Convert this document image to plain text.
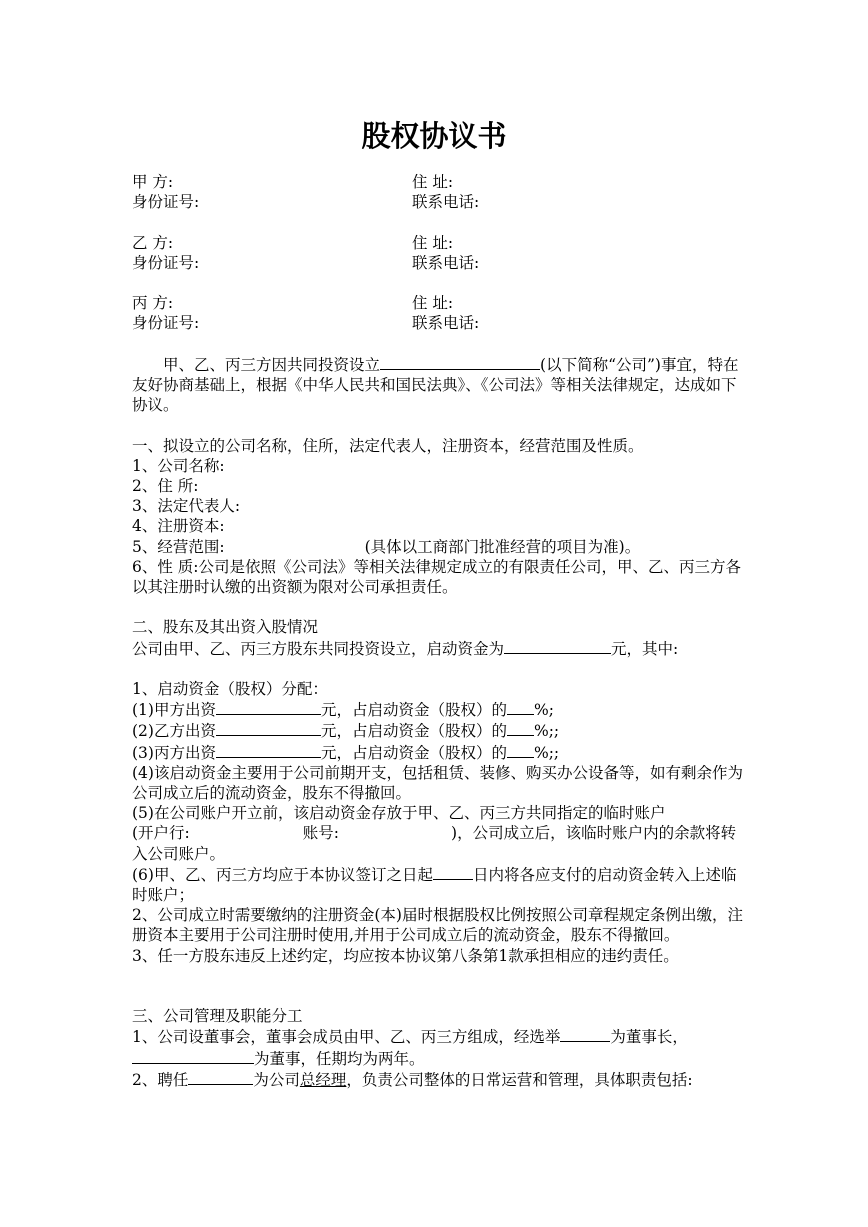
股权协议书
甲 方:	住 址:
身份证号:	联系电话:
乙 方:	住 址:
身份证号:	联系电话:
丙 方:	住 址:
身份证号:	联系电话:

甲、乙、丙三方因共同投资设立	(以下简称“公司”)事宜，特在友好协商基础上，根据《中华人民共和国民法典》、《公司法》等相关法律规定，达成如下协议。

一、拟设立的公司名称，住所，法定代表人，注册资本，经营范围及性质。

1、公司名称:

2、住 所:

3、法定代表人:

4、注册资本:

5、经营范围:	(具体以工商部门批准经营的项目为准)。

6、性 质:公司是依照《公司法》等相关法律规定成立的有限责任公司，甲、乙、丙三方各以其注册时认缴的出资额为限对公司承担责任。

二、股东及其出资入股情况

公司由甲、乙、丙三方股东共同投资设立，启动资金为	元，其中:

1、启动资金（股权）分配：

(1)甲方出资	元，占启动资金（股权）的 %;

(2)乙方出资	元，占启动资金（股权）的 %;;

(3)丙方出资	元，占启动资金（股权）的 %;;

(4)该启动资金主要用于公司前期开支，包括租赁、装修、购买办公设备等，如有剩余作为公司成立后的流动资金，股东不得撤回。

(5)在公司账户开立前，该启动资金存放于甲、乙、丙三方共同指定的临时账户
(开户行:	账号:	)，公司成立后，该临时账户内的余款将转入公司账户。

(6)甲、乙、丙三方均应于本协议签订之日起	日内将各应支付的启动资金转入上述临时账户；

2、公司成立时需要缴纳的注册资金(本)届时根据股权比例按照公司章程规定条例出缴，注册资本主要用于公司注册时使用,并用于公司成立后的流动资金，股东不得撤回。

3、任一方股东违反上述约定，均应按本协议第八条第1款承担相应的违约责任。

三、公司管理及职能分工

1、公司设董事会，董事会成员由甲、乙、丙三方组成，经选举	为董事长，
为董事，任期均为两年。

2、聘任	为公司总经理，负责公司整体的日常运营和管理，具体职责包括:
